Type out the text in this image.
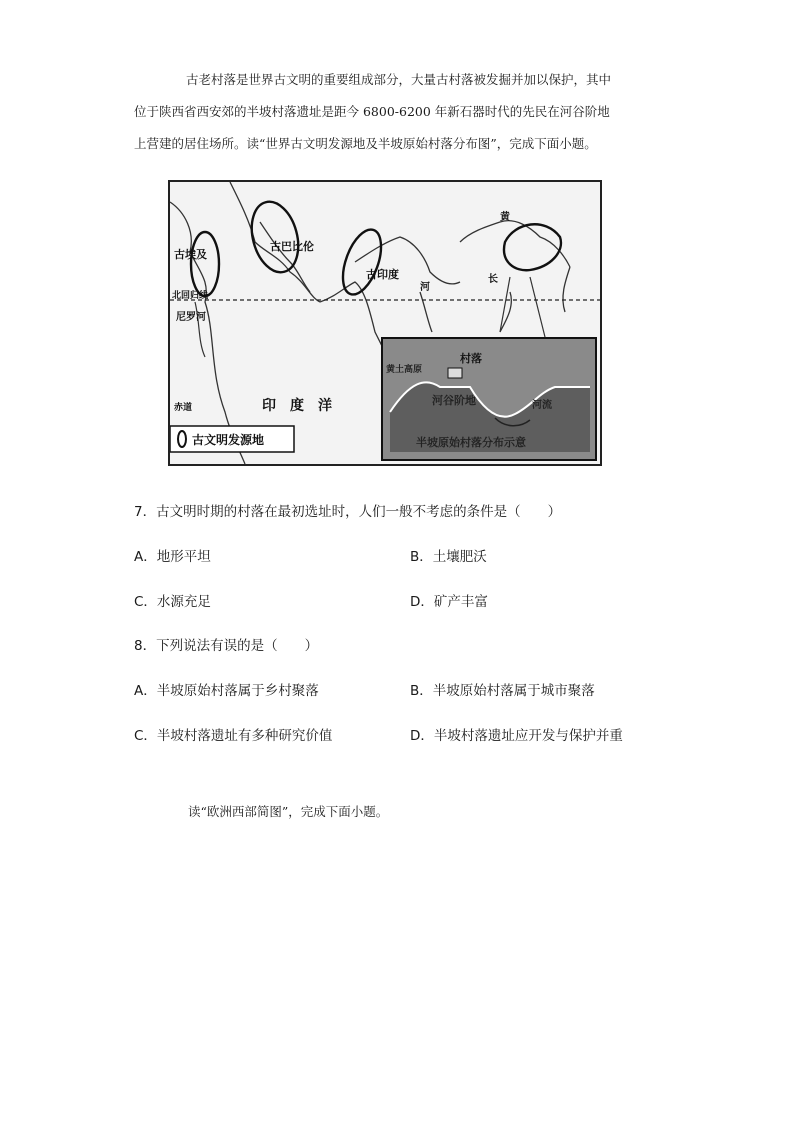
古老村落是世界古文明的重要组成部分，大量古村落被发掘并加以保护，其中

位于陕西省西安郊的半坡村落遗址是距今 6800-6200 年新石器时代的先民在河谷阶地

上营建的居住场所。读“世界古文明发源地及半坡原始村落分布图”，完成下面小题。

古埃及
古巴比伦
古印度
北回归线
尼罗河
赤道	印度洋
河
黄
长
古文明发源地
村落
河谷阶地	河流
黄土高原
半坡原始村落分布示意
7．古文明时期的村落在最初选址时，人们一般不考虑的条件是（　　）
A．地形平坦	B．土壤肥沃
C．水源充足	D．矿产丰富
8．下列说法有误的是（　　）
A．半坡原始村落属于乡村聚落	B．半坡原始村落属于城市聚落
C．半坡村落遗址有多种研究价值	D．半坡村落遗址应开发与保护并重
读“欧洲西部简图”，完成下面小题。
